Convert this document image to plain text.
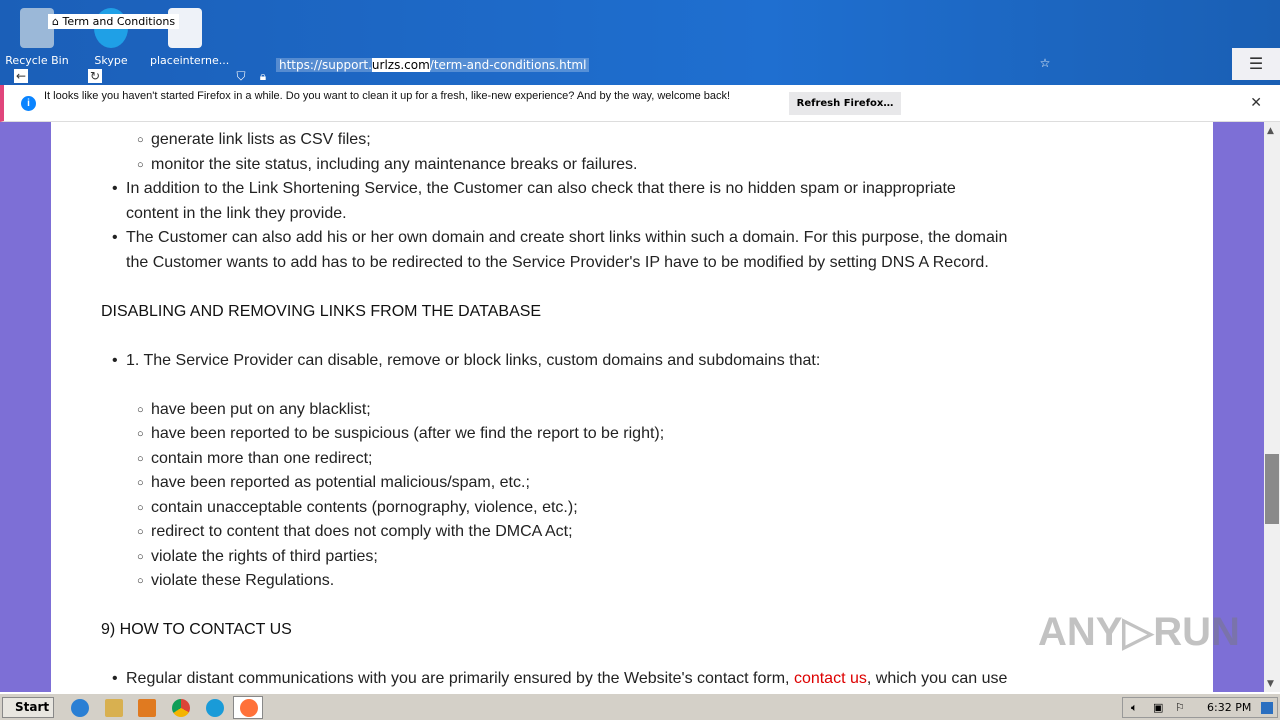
Recycle Bin	Skype	placeinterne...
⌂ Term and Conditions
←	↻	⛉	🔒︎
https://support.urlzs.com/term-and-conditions.html	☆	☰
i
It looks like you haven't started Firefox in a while. Do you want to clean it up for a fresh, like-new experience? And by the way, welcome back!
Refresh Firefox…	✕
○ generate link lists as CSV files;
○ monitor the site status, including any maintenance breaks or failures.
• In addition to the Link Shortening Service, the Customer can also check that there is no hidden spam or inappropriate
content in the link they provide.
• The Customer can also add his or her own domain and create short links within such a domain. For this purpose, the domain
the Customer wants to add has to be redirected to the Service Provider's IP have to be modified by setting DNS A Record.
DISABLING AND REMOVING LINKS FROM THE DATABASE
• 1. The Service Provider can disable, remove or block links, custom domains and subdomains that:
○ have been put on any blacklist;
○ have been reported to be suspicious (after we find the report to be right);
○ contain more than one redirect;
○ have been reported as potential malicious/spam, etc.;
○ contain unacceptable contents (pornography, violence, etc.);
○ redirect to content that does not comply with the DMCA Act;
○ violate the rights of third parties;
○ violate these Regulations.
9) HOW TO CONTACT US
• Regular distant communications with you are primarily ensured by the Website's contact form, contact us, which you can use
ANY▷RUN
▲
▼
Start	🔈︎ ▣ ⚐ 6:32 PM
